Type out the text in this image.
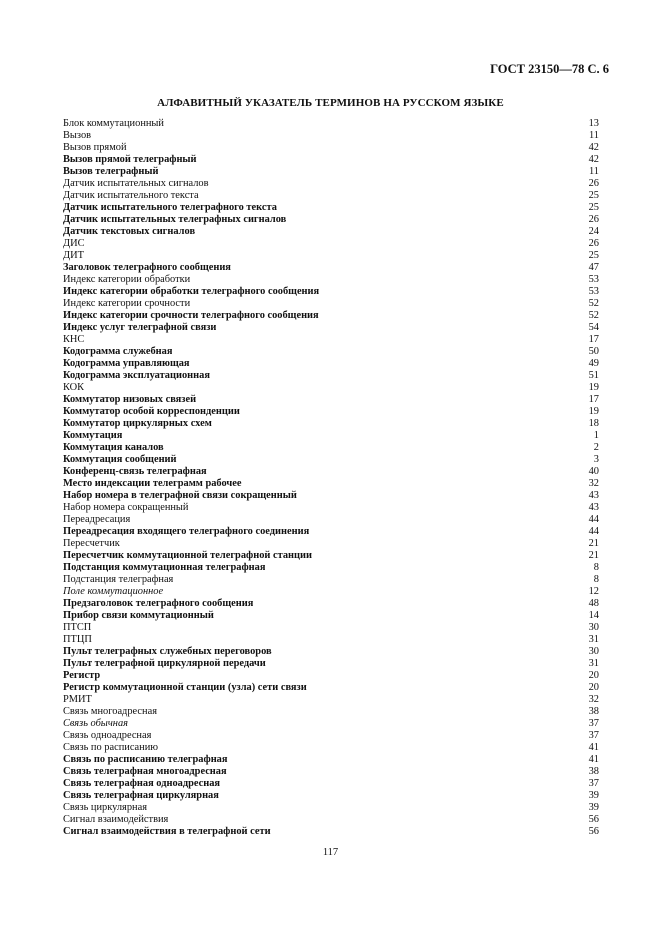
ГОСТ 23150—78 С. 6
АЛФАВИТНЫЙ УКАЗАТЕЛЬ ТЕРМИНОВ НА РУССКОМ ЯЗЫКЕ
Блок коммутационный	13
Вызов	11
Вызов прямой	42
Вызов прямой телеграфный	42
Вызов телеграфный	11
Датчик испытательных сигналов	26
Датчик испытательного текста	25
Датчик испытательного телеграфного текста	25
Датчик испытательных телеграфных сигналов	26
Датчик текстовых сигналов	24
ДИС	26
ДИТ	25
Заголовок телеграфного сообщения	47
Индекс категории обработки	53
Индекс категории обработки телеграфного сообщения	53
Индекс категории срочности	52
Индекс категории срочности телеграфного сообщения	52
Индекс услуг телеграфной связи	54
КНС	17
Кодограмма служебная	50
Кодограмма управляющая	49
Кодограмма эксплуатационная	51
КОК	19
Коммутатор низовых связей	17
Коммутатор особой корреспонденции	19
Коммутатор циркулярных схем	18
Коммутация	1
Коммутация каналов	2
Коммутация сообщений	3
Конференц-связь телеграфная	40
Место индексации телеграмм рабочее	32
Набор номера в телеграфной связи сокращенный	43
Набор номера сокращенный	43
Переадресация	44
Переадресация входящего телеграфного соединения	44
Пересчетчик	21
Пересчетчик коммутационной телеграфной станции	21
Подстанция коммутационная телеграфная	8
Подстанция телеграфная	8
Поле коммутационное	12
Предзаголовок телеграфного сообщения	48
Прибор связи коммутационный	14
ПТСП	30
ПТЦП	31
Пульт телеграфных служебных переговоров	30
Пульт телеграфной циркулярной передачи	31
Регистр	20
Регистр коммутационной станции (узла) сети связи	20
РМИТ	32
Связь многоадресная	38
Связь обычная	37
Связь одноадресная	37
Связь по расписанию	41
Связь по расписанию телеграфная	41
Связь телеграфная многоадресная	38
Связь телеграфная одноадресная	37
Связь телеграфная циркулярная	39
Связь циркулярная	39
Сигнал взаимодействия	56
Сигнал взаимодействия в телеграфной сети	56
117
